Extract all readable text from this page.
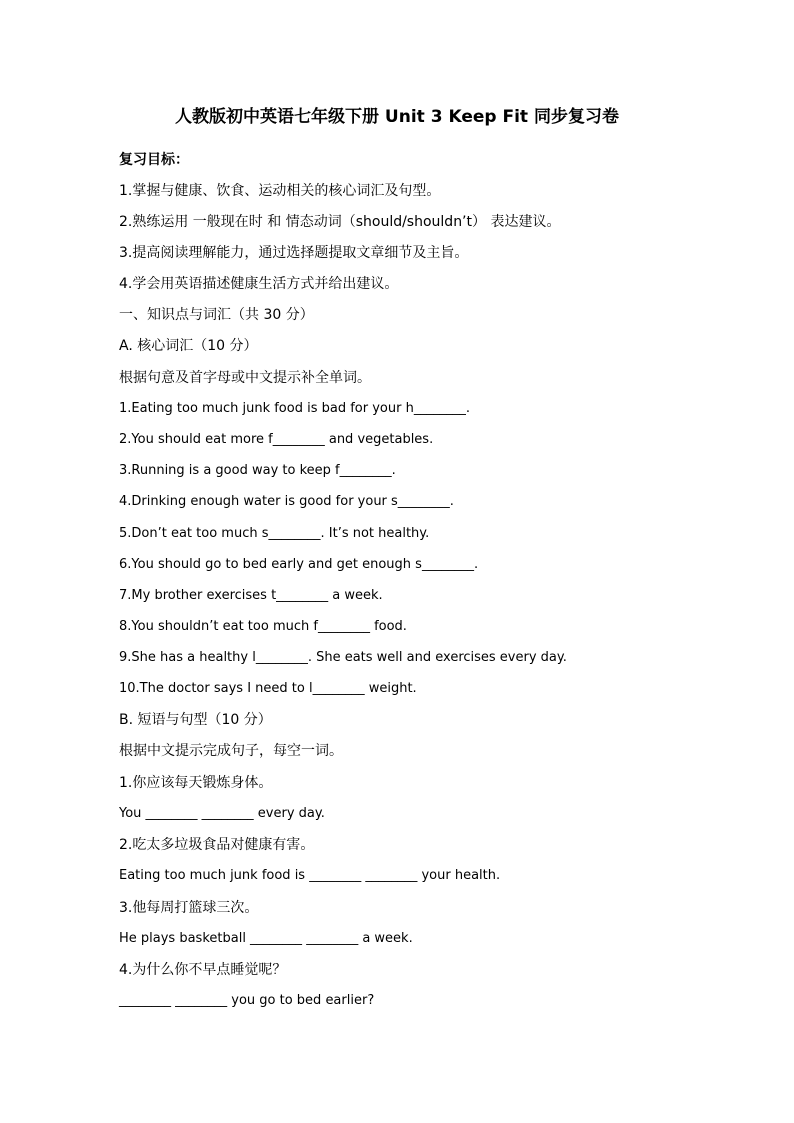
人教版初中英语七年级下册 Unit 3 Keep Fit 同步复习卷
复习目标：
1.掌握与健康、饮食、运动相关的核心词汇及句型。
2.熟练运用 一般现在时 和 情态动词（should/shouldn’t） 表达建议。
3.提高阅读理解能力，通过选择题提取文章细节及主旨。
4.学会用英语描述健康生活方式并给出建议。
一、知识点与词汇（共 30 分）
A. 核心词汇（10 分）
根据句意及首字母或中文提示补全单词。
1.Eating too much junk food is bad for your h________.
2.You should eat more f________ and vegetables.
3.Running is a good way to keep f________.
4.Drinking enough water is good for your s________.
5.Don’t eat too much s________. It’s not healthy.
6.You should go to bed early and get enough s________.
7.My brother exercises t________ a week.
8.You shouldn’t eat too much f________ food.
9.She has a healthy l________. She eats well and exercises every day.
10.The doctor says I need to l________ weight.
B. 短语与句型（10 分）
根据中文提示完成句子，每空一词。
1.你应该每天锻炼身体。
You ________ ________ every day.
2.吃太多垃圾食品对健康有害。
Eating too much junk food is ________ ________ your health.
3.他每周打篮球三次。
He plays basketball ________ ________ a week.
4.为什么你不早点睡觉呢？
________ ________ you go to bed earlier?
